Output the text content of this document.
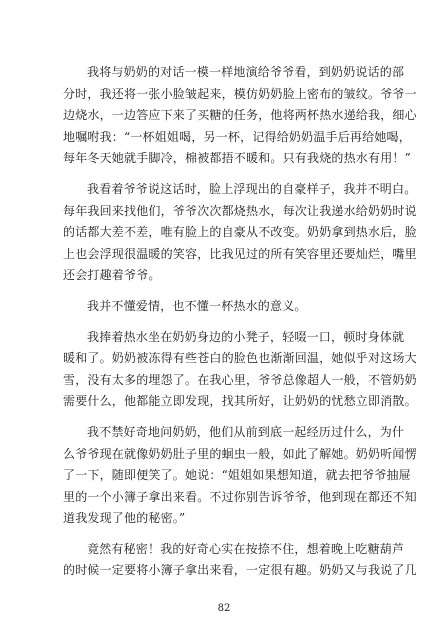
我将与奶奶的对话一模一样地演给爷爷看，到奶奶说话的部
分时，我还将一张小脸皱起来，模仿奶奶脸上密布的皱纹。爷爷一
边烧水，一边答应下来了买糖的任务，他将两杯热水递给我，细心
地嘱咐我：“一杯姐姐喝，另一杯，记得给奶奶温手后再给她喝，
每年冬天她就手脚冷，棉被都捂不暖和。只有我烧的热水有用！”
我看着爷爷说这话时，脸上浮现出的自豪样子，我并不明白。
每年我回来找他们，爷爷次次都烧热水，每次让我递水给奶奶时说
的话都大差不差，唯有脸上的自豪从不改变。奶奶拿到热水后，脸
上也会浮现很温暖的笑容，比我见过的所有笑容里还要灿烂，嘴里
还会打趣着爷爷。
我并不懂爱情，也不懂一杯热水的意义。
我捧着热水坐在奶奶身边的小凳子，轻啜一口，顿时身体就
暖和了。奶奶被冻得有些苍白的脸色也渐渐回温，她似乎对这场大
雪，没有太多的埋怨了。在我心里，爷爷总像超人一般，不管奶奶
需要什么，他都能立即发现，找其所好，让奶奶的忧愁立即消散。
我不禁好奇地问奶奶，他们从前到底一起经历过什么，为什
么爷爷现在就像奶奶肚子里的蛔虫一般，如此了解她。奶奶听闻愣
了一下，随即便笑了。她说：“姐姐如果想知道，就去把爷爷抽屉
里的一个小簿子拿出来看。不过你别告诉爷爷，他到现在都还不知
道我发现了他的秘密。”
竟然有秘密！我的好奇心实在按捺不住，想着晚上吃糖葫芦
的时候一定要将小簿子拿出来看，一定很有趣。奶奶又与我说了几
82
